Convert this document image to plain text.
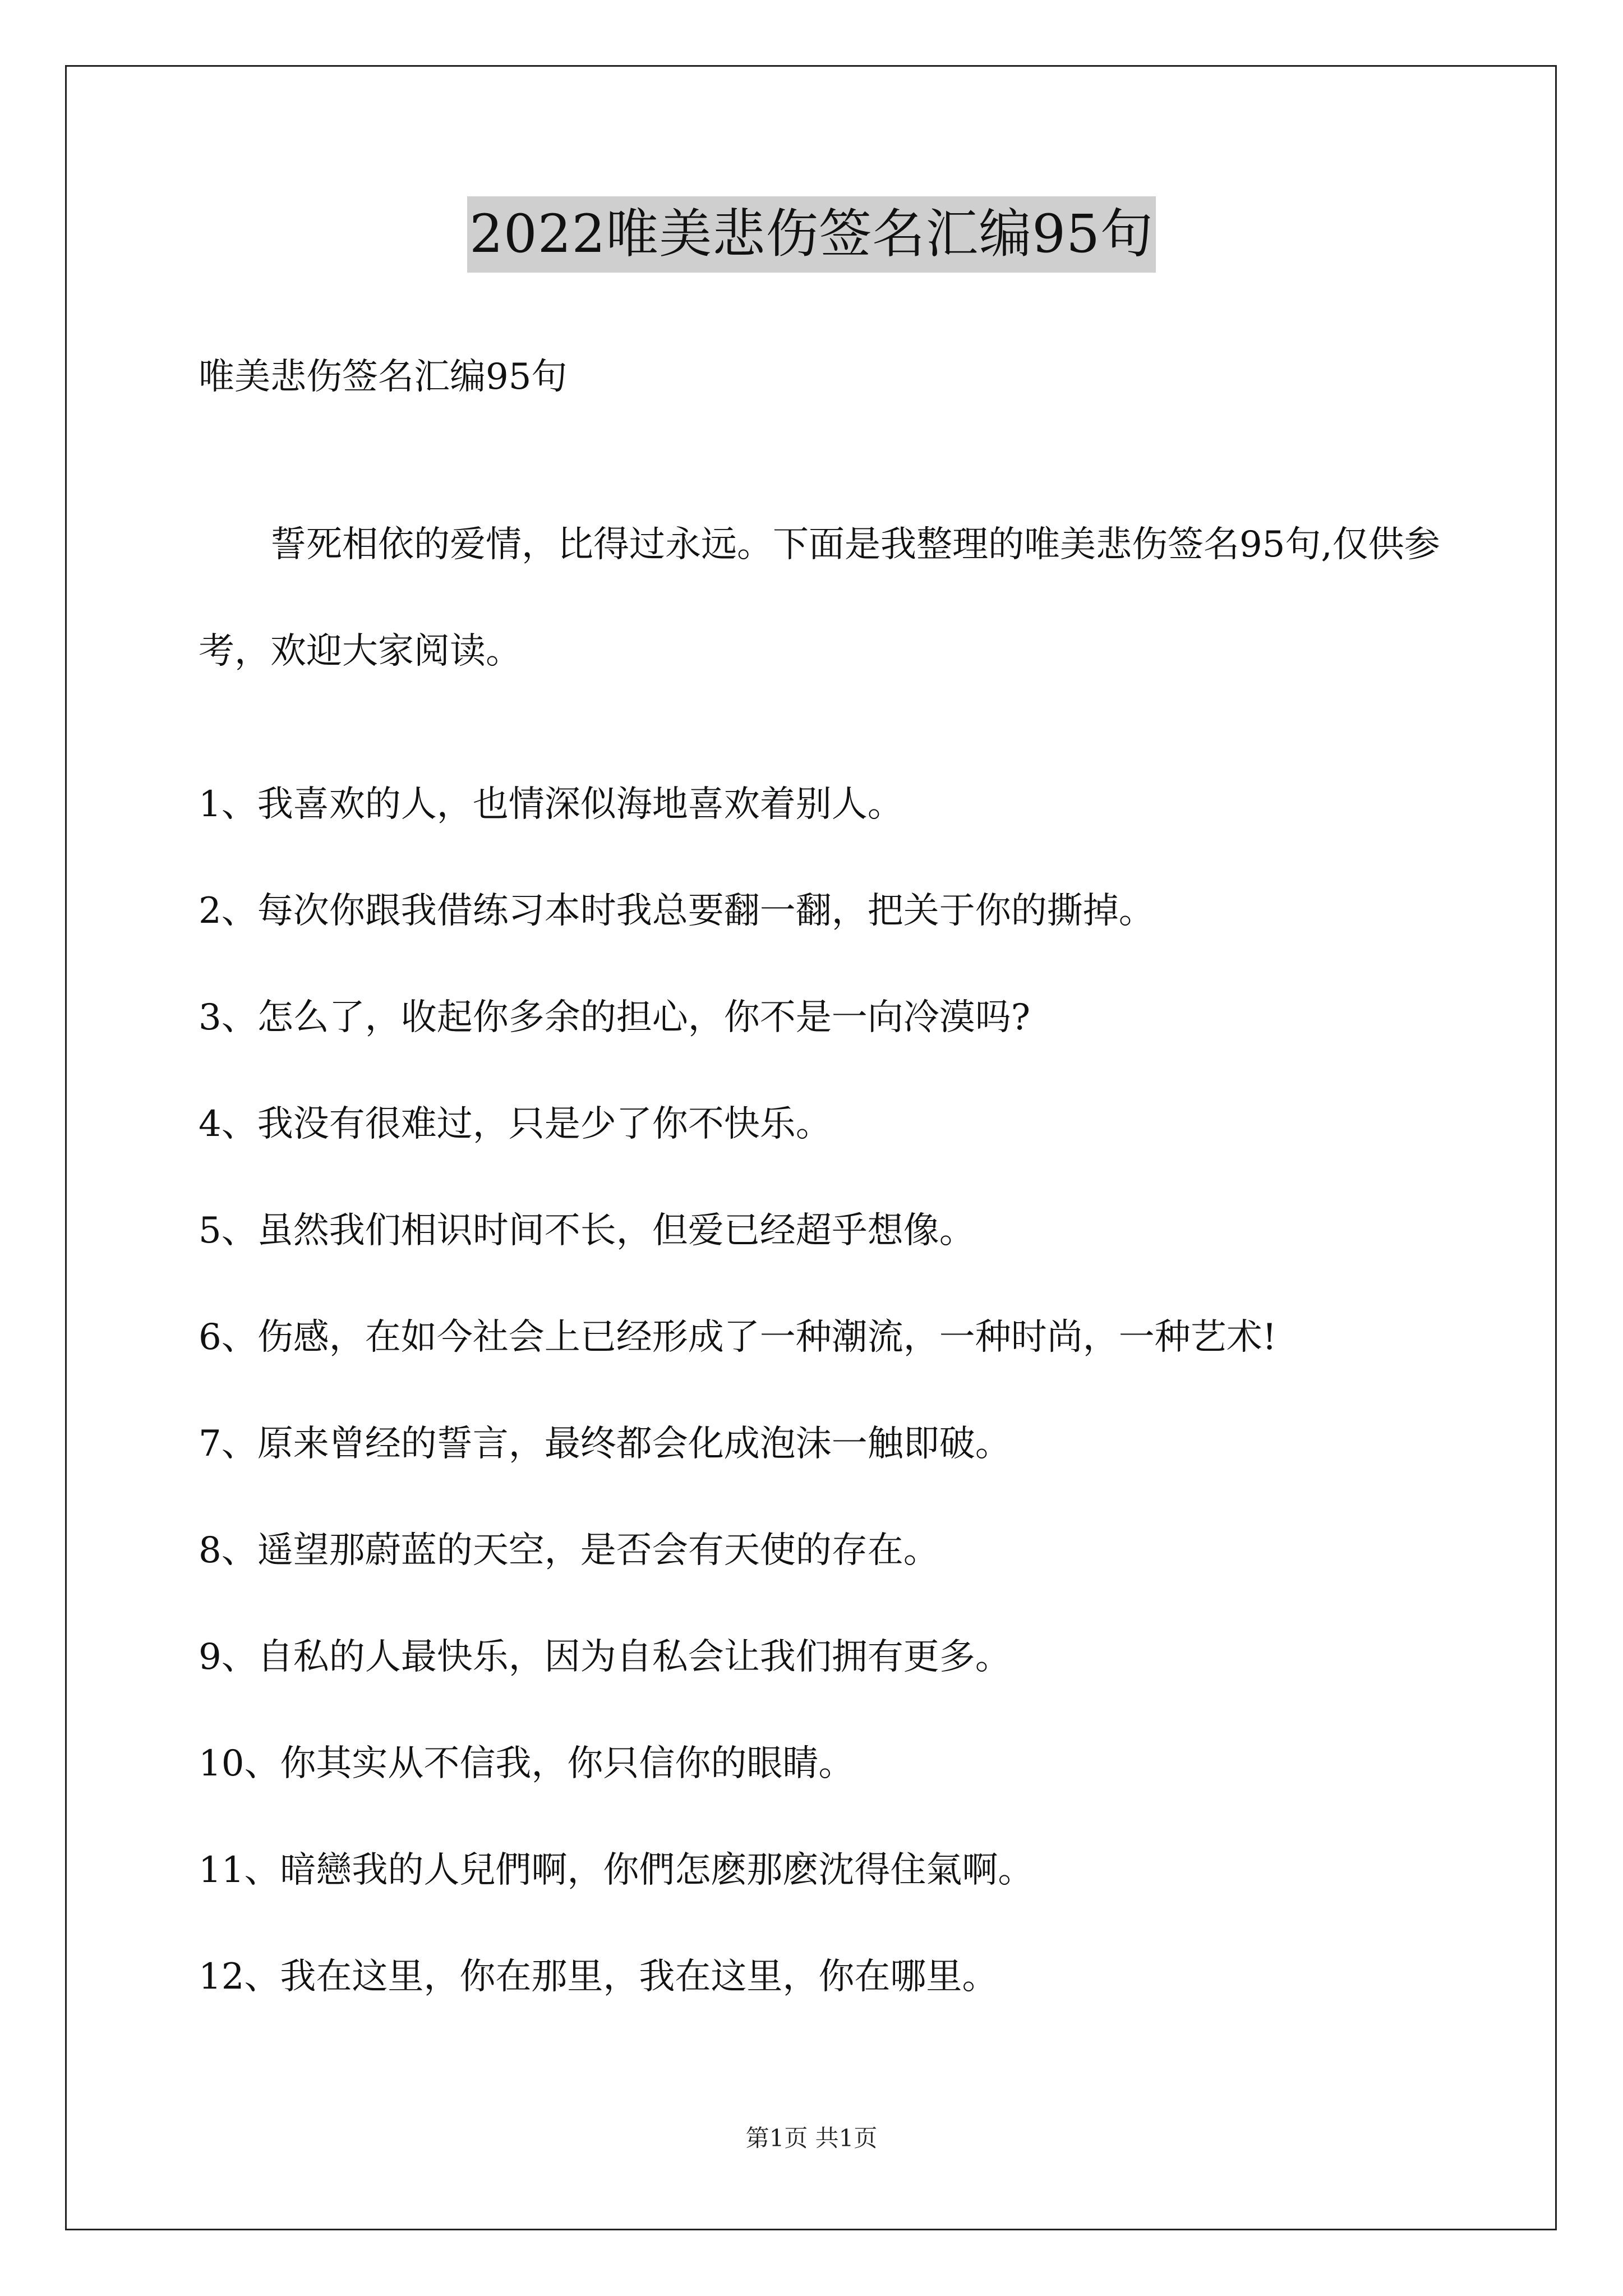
2022唯美悲伤签名汇编95句
唯美悲伤签名汇编95句

誓死相依的爱情，比得过永远。下面是我整理的唯美悲伤签名95句,仅供参考，欢迎大家阅读。

1、我喜欢的人，也情深似海地喜欢着别人。
2、每次你跟我借练习本时我总要翻一翻，把关于你的撕掉。
3、怎么了，收起你多余的担心，你不是一向冷漠吗?
4、我没有很难过，只是少了你不快乐。
5、虽然我们相识时间不长，但爱已经超乎想像。
6、伤感，在如今社会上已经形成了一种潮流，一种时尚，一种艺术!
7、原来曾经的誓言，最终都会化成泡沫一触即破。
8、遥望那蔚蓝的天空，是否会有天使的存在。
9、自私的人最快乐，因为自私会让我们拥有更多。
10、你其实从不信我，你只信你的眼睛。
11、暗戀我的人兒們啊，你們怎麽那麽沈得住氣啊。
12、我在这里，你在那里，我在这里，你在哪里。
第1页 共1页
